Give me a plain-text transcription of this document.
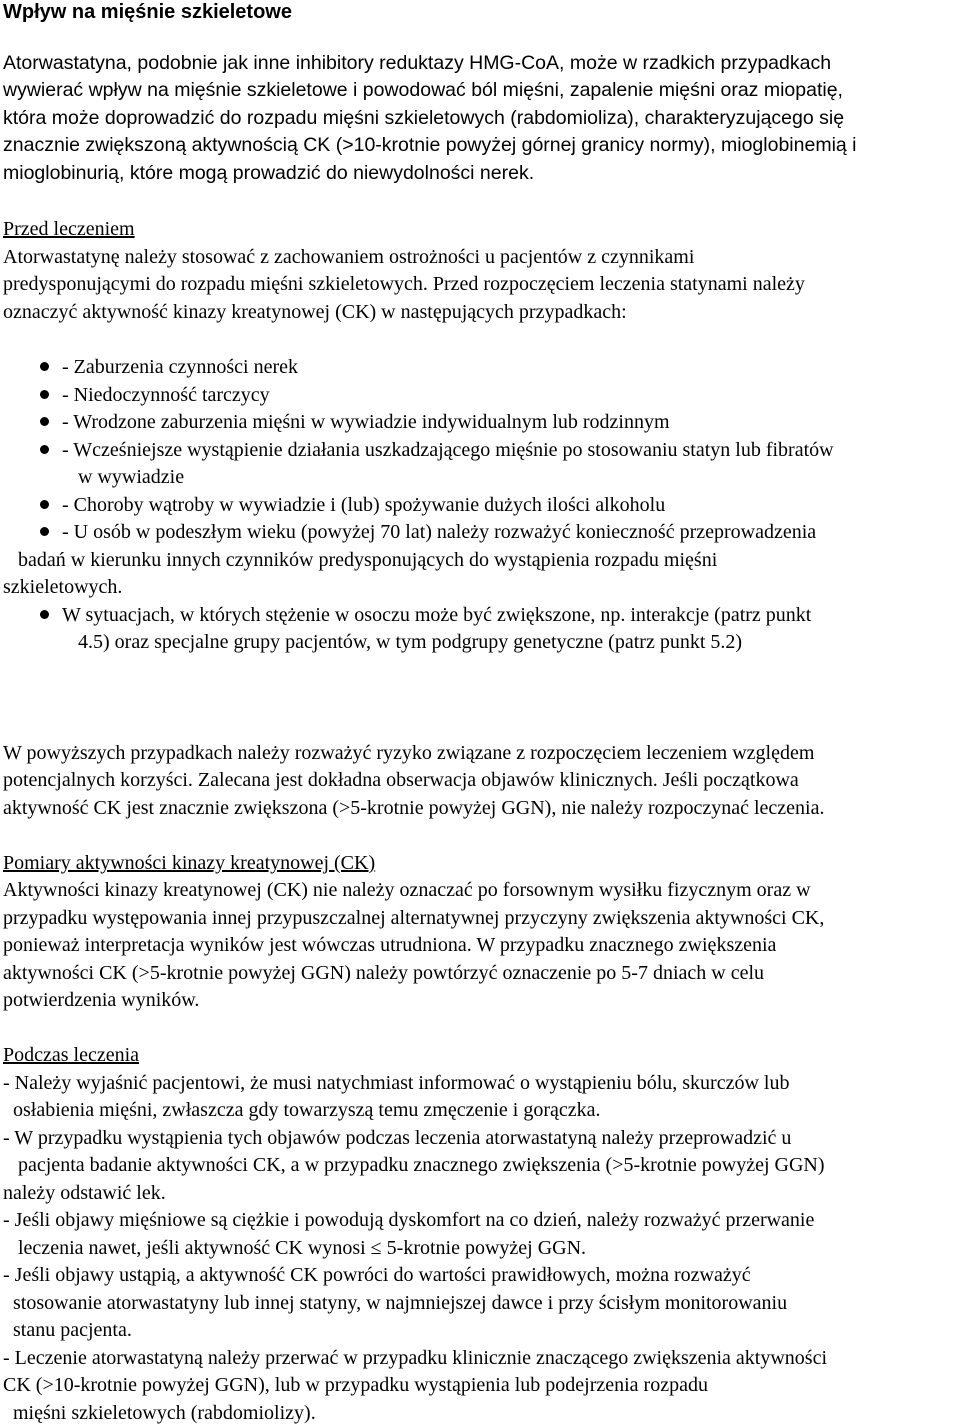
Wpływ na mięśnie szkieletowe
Atorwastatyna, podobnie jak inne inhibitory reduktazy HMG-CoA, może w rzadkich przypadkach
wywierać wpływ na mięśnie szkieletowe i powodować ból mięśni, zapalenie mięśni oraz miopatię,
która może doprowadzić do rozpadu mięśni szkieletowych (rabdomioliza), charakteryzującego się
znacznie zwiększoną aktywnością CK (>10-krotnie powyżej górnej granicy normy), mioglobinemią i
mioglobinurią, które mogą prowadzić do niewydolności nerek.
Przed leczeniem
Atorwastatynę należy stosować z zachowaniem ostrożności u pacjentów z czynnikami
predysponującymi do rozpadu mięśni szkieletowych. Przed rozpoczęciem leczenia statynami należy
oznaczyć aktywność kinazy kreatynowej (CK) w następujących przypadkach:
- Zaburzenia czynności nerek
- Niedoczynność tarczycy
- Wrodzone zaburzenia mięśni w wywiadzie indywidualnym lub rodzinnym
- Wcześniejsze wystąpienie działania uszkadzającego mięśnie po stosowaniu statyn lub fibratów
w wywiadzie
- Choroby wątroby w wywiadzie i (lub) spożywanie dużych ilości alkoholu
- U osób w podeszłym wieku (powyżej 70 lat) należy rozważyć konieczność przeprowadzenia
badań w kierunku innych czynników predysponujących do wystąpienia rozpadu mięśni
szkieletowych.
W sytuacjach, w których stężenie w osoczu może być zwiększone, np. interakcje (patrz punkt
4.5) oraz specjalne grupy pacjentów, w tym podgrupy genetyczne (patrz punkt 5.2)
W powyższych przypadkach należy rozważyć ryzyko związane z rozpoczęciem leczeniem względem
potencjalnych korzyści. Zalecana jest dokładna obserwacja objawów klinicznych. Jeśli początkowa
aktywność CK jest znacznie zwiększona (>5-krotnie powyżej GGN), nie należy rozpoczynać leczenia.
Pomiary aktywności kinazy kreatynowej (CK)
Aktywności kinazy kreatynowej (CK) nie należy oznaczać po forsownym wysiłku fizycznym oraz w
przypadku występowania innej przypuszczalnej alternatywnej przyczyny zwiększenia aktywności CK,
ponieważ interpretacja wyników jest wówczas utrudniona. W przypadku znacznego zwiększenia
aktywności CK (>5-krotnie powyżej GGN) należy powtórzyć oznaczenie po 5-7 dniach w celu
potwierdzenia wyników.
Podczas leczenia
- Należy wyjaśnić pacjentowi, że musi natychmiast informować o wystąpieniu bólu, skurczów lub
osłabienia mięśni, zwłaszcza gdy towarzyszą temu zmęczenie i gorączka.
- W przypadku wystąpienia tych objawów podczas leczenia atorwastatyną należy przeprowadzić u
pacjenta badanie aktywności CK, a w przypadku znacznego zwiększenia (>5-krotnie powyżej GGN)
należy odstawić lek.
- Jeśli objawy mięśniowe są ciężkie i powodują dyskomfort na co dzień, należy rozważyć przerwanie
leczenia nawet, jeśli aktywność CK wynosi ≤ 5-krotnie powyżej GGN.
- Jeśli objawy ustąpią, a aktywność CK powróci do wartości prawidłowych, można rozważyć
stosowanie atorwastatyny lub innej statyny, w najmniejszej dawce i przy ścisłym monitorowaniu
stanu pacjenta.
- Leczenie atorwastatyną należy przerwać w przypadku klinicznie znaczącego zwiększenia aktywności
CK (>10-krotnie powyżej GGN), lub w przypadku wystąpienia lub podejrzenia rozpadu
mięśni szkieletowych (rabdomiolizy).
